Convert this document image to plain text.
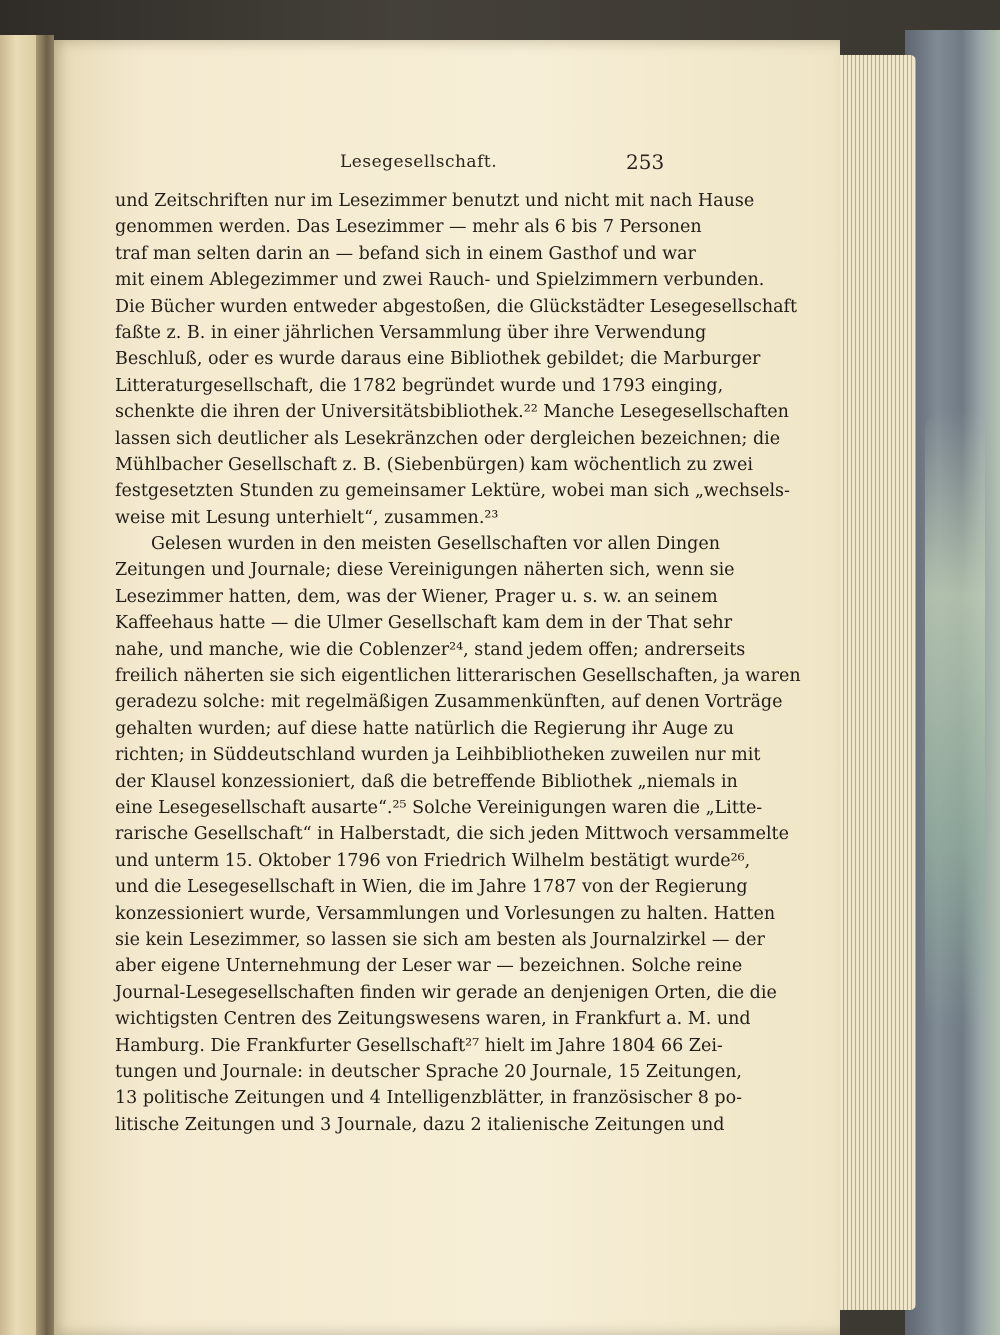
Lesegesellschaft.	253
und Zeitschriften nur im Lesezimmer benutzt und nicht mit nach Hause
genommen werden. Das Lesezimmer — mehr als 6 bis 7 Personen
traf man selten darin an — befand sich in einem Gasthof und war
mit einem Ablegezimmer und zwei Rauch- und Spielzimmern verbunden.
Die Bücher wurden entweder abgestoßen, die Glückstädter Lesegesellschaft
faßte z. B. in einer jährlichen Versammlung über ihre Verwendung
Beschluß, oder es wurde daraus eine Bibliothek gebildet; die Marburger
Litteraturgesellschaft, die 1782 begründet wurde und 1793 einging,
schenkte die ihren der Universitätsbibliothek.²² Manche Lesegesellschaften
lassen sich deutlicher als Lesekränzchen oder dergleichen bezeichnen; die
Mühlbacher Gesellschaft z. B. (Siebenbürgen) kam wöchentlich zu zwei
festgesetzten Stunden zu gemeinsamer Lektüre, wobei man sich „wechsels-
weise mit Lesung unterhielt“, zusammen.²³
Gelesen wurden in den meisten Gesellschaften vor allen Dingen
Zeitungen und Journale; diese Vereinigungen näherten sich, wenn sie
Lesezimmer hatten, dem, was der Wiener, Prager u. s. w. an seinem
Kaffeehaus hatte — die Ulmer Gesellschaft kam dem in der That sehr
nahe, und manche, wie die Coblenzer²⁴, stand jedem offen; andrerseits
freilich näherten sie sich eigentlichen litterarischen Gesellschaften, ja waren
geradezu solche: mit regelmäßigen Zusammenkünften, auf denen Vorträge
gehalten wurden; auf diese hatte natürlich die Regierung ihr Auge zu
richten; in Süddeutschland wurden ja Leihbibliotheken zuweilen nur mit
der Klausel konzessioniert, daß die betreffende Bibliothek „niemals in
eine Lesegesellschaft ausarte“.²⁵ Solche Vereinigungen waren die „Litte-
rarische Gesellschaft“ in Halberstadt, die sich jeden Mittwoch versammelte
und unterm 15. Oktober 1796 von Friedrich Wilhelm bestätigt wurde²⁶,
und die Lesegesellschaft in Wien, die im Jahre 1787 von der Regierung
konzessioniert wurde, Versammlungen und Vorlesungen zu halten. Hatten
sie kein Lesezimmer, so lassen sie sich am besten als Journalzirkel — der
aber eigene Unternehmung der Leser war — bezeichnen. Solche reine
Journal-Lesegesellschaften finden wir gerade an denjenigen Orten, die die
wichtigsten Centren des Zeitungswesens waren, in Frankfurt a. M. und
Hamburg. Die Frankfurter Gesellschaft²⁷ hielt im Jahre 1804 66 Zei-
tungen und Journale: in deutscher Sprache 20 Journale, 15 Zeitungen,
13 politische Zeitungen und 4 Intelligenzblätter, in französischer 8 po-
litische Zeitungen und 3 Journale, dazu 2 italienische Zeitungen und
